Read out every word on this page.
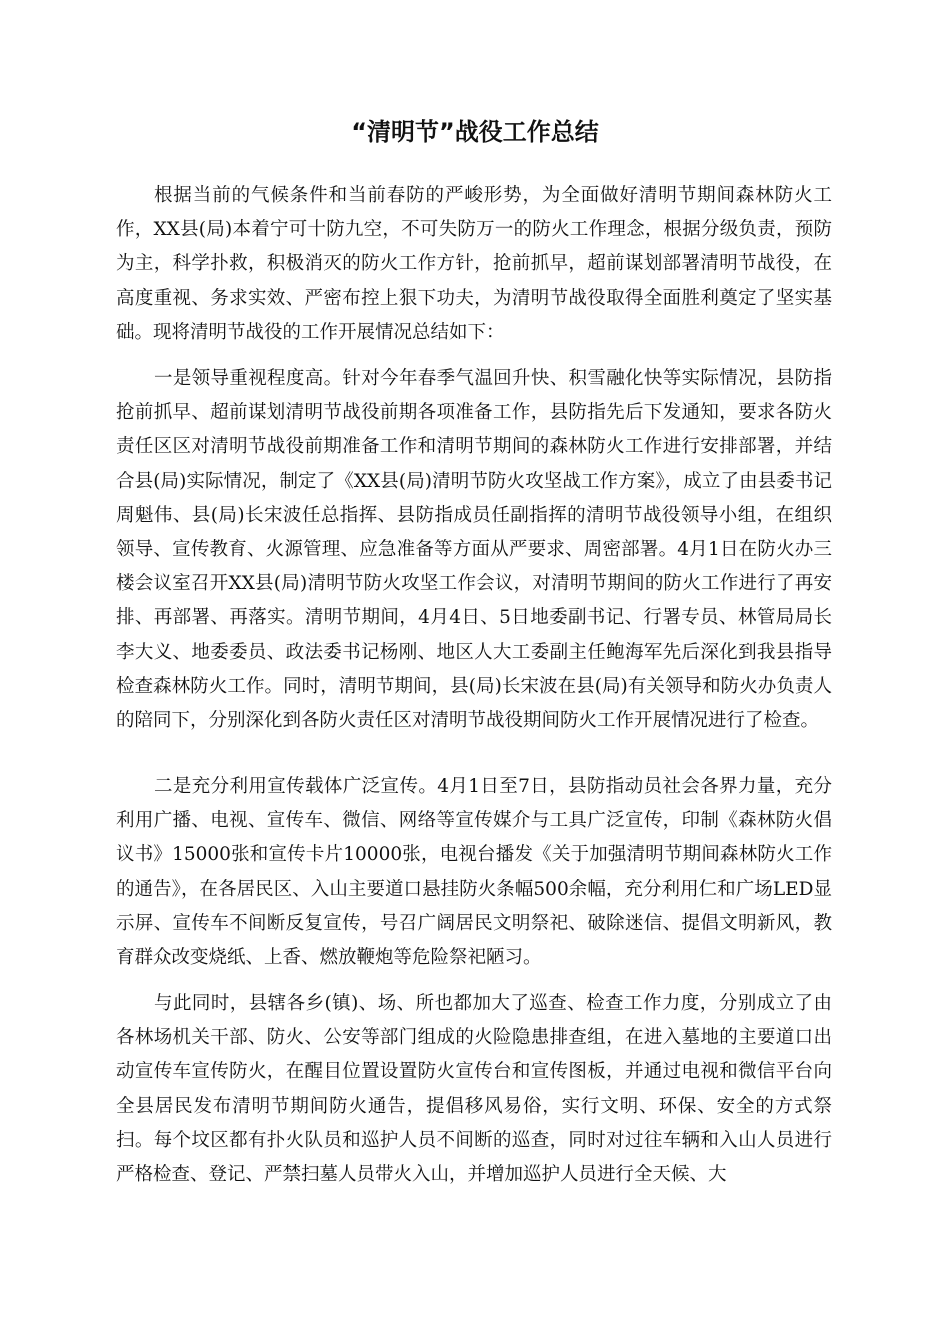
“清明节”战役工作总结

根据当前的气候条件和当前春防的严峻形势，为全面做好清明节期间森林防火工作，XX县(局)本着宁可十防九空，不可失防万一的防火工作理念，根据分级负责，预防为主，科学扑救，积极消灭的防火工作方针，抢前抓早，超前谋划部署清明节战役，在高度重视、务求实效、严密布控上狠下功夫，为清明节战役取得全面胜利奠定了坚实基础。现将清明节战役的工作开展情况总结如下：

一是领导重视程度高。针对今年春季气温回升快、积雪融化快等实际情况，县防指抢前抓早、超前谋划清明节战役前期各项准备工作，县防指先后下发通知，要求各防火责任区区对清明节战役前期准备工作和清明节期间的森林防火工作进行安排部署，并结合县(局)实际情况，制定了《XX县(局)清明节防火攻坚战工作方案》，成立了由县委书记周魁伟、县(局)长宋波任总指挥、县防指成员任副指挥的清明节战役领导小组，在组织领导、宣传教育、火源管理、应急准备等方面从严要求、周密部署。4月1日在防火办三楼会议室召开XX县(局)清明节防火攻坚工作会议，对清明节期间的防火工作进行了再安排、再部署、再落实。清明节期间，4月4日、5日地委副书记、行署专员、林管局局长李大义、地委委员、政法委书记杨刚、地区人大工委副主任鲍海军先后深化到我县指导检查森林防火工作。同时，清明节期间，县(局)长宋波在县(局)有关领导和防火办负责人的陪同下，分别深化到各防火责任区对清明节战役期间防火工作开展情况进行了检查。

二是充分利用宣传载体广泛宣传。4月1日至7日，县防指动员社会各界力量，充分利用广播、电视、宣传车、微信、网络等宣传媒介与工具广泛宣传，印制《森林防火倡议书》15000张和宣传卡片10000张，电视台播发《关于加强清明节期间森林防火工作的通告》，在各居民区、入山主要道口悬挂防火条幅500余幅，充分利用仁和广场LED显示屏、宣传车不间断反复宣传，号召广阔居民文明祭祀、破除迷信、提倡文明新风，教育群众改变烧纸、上香、燃放鞭炮等危险祭祀陋习。

与此同时，县辖各乡(镇)、场、所也都加大了巡查、检查工作力度，分别成立了由各林场机关干部、防火、公安等部门组成的火险隐患排查组，在进入墓地的主要道口出动宣传车宣传防火，在醒目位置设置防火宣传台和宣传图板，并通过电视和微信平台向全县居民发布清明节期间防火通告，提倡移风易俗，实行文明、环保、安全的方式祭扫。每个坟区都有扑火队员和巡护人员不间断的巡查，同时对过往车辆和入山人员进行严格检查、登记、严禁扫墓人员带火入山，并增加巡护人员进行全天候、大
